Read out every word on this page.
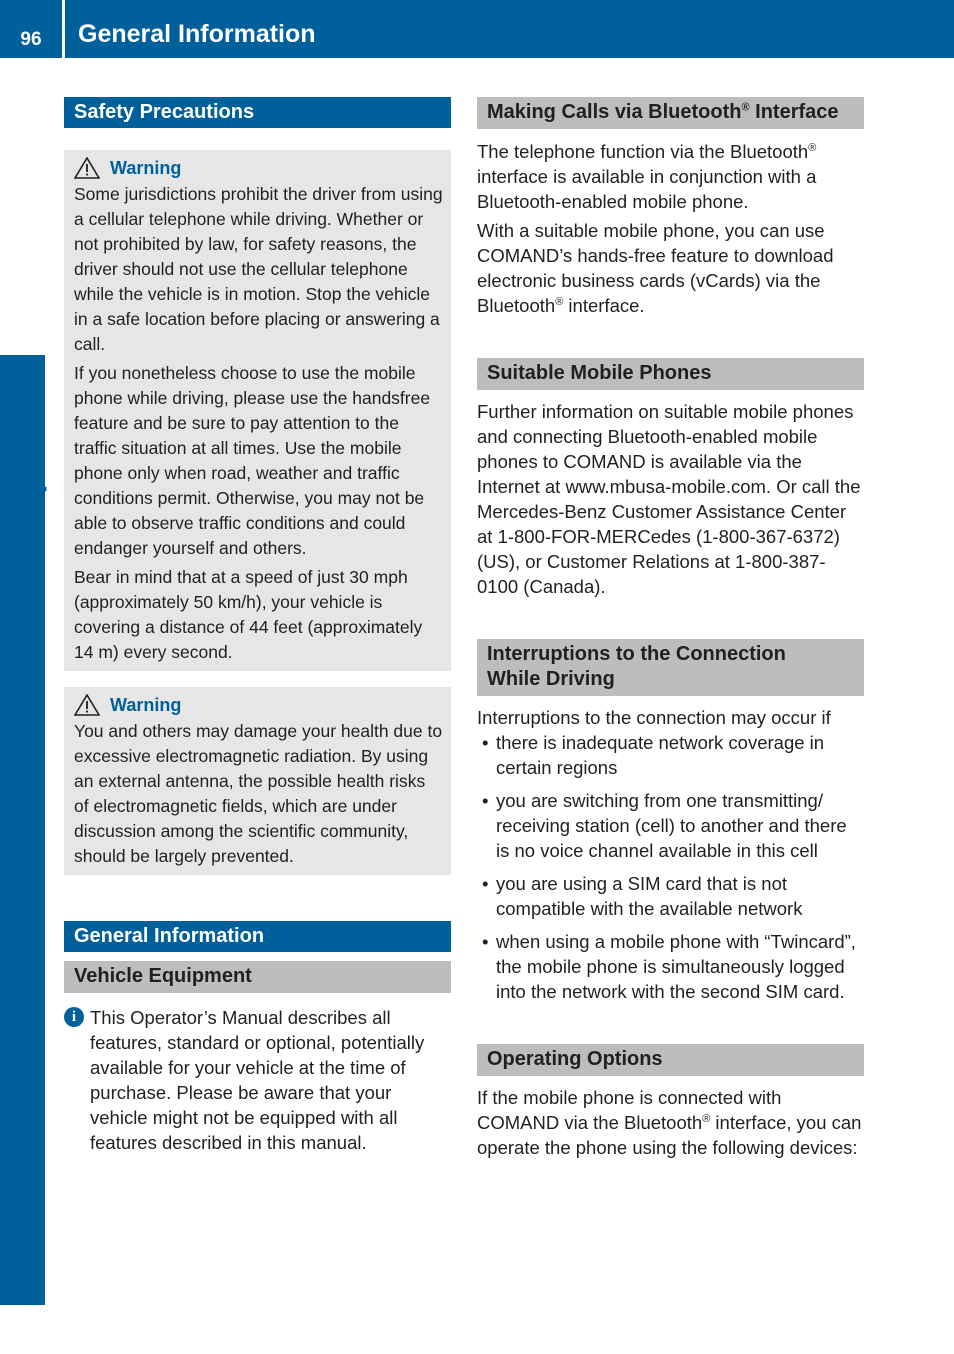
96	General Information
Telephone
Safety Precautions
Warning

Some jurisdictions prohibit the driver from using a cellular telephone while driving. Whether or not prohibited by law, for safety reasons, the driver should not use the cellular telephone while the vehicle is in motion. Stop the vehicle in a safe location before placing or answering a call.

If you nonetheless choose to use the mobile phone while driving, please use the handsfree feature and be sure to pay attention to the traffic situation at all times. Use the mobile phone only when road, weather and traffic conditions permit. Otherwise, you may not be able to observe traffic conditions and could endanger yourself and others.

Bear in mind that at a speed of just 30 mph (approximately 50 km/h), your vehicle is covering a distance of 44 feet (approximately 14 m) every second.

Warning

You and others may damage your health due to excessive electromagnetic radiation. By using an external antenna, the possible health risks of electromagnetic fields, which are under discussion among the scientific community, should be largely prevented.

General Information
Vehicle Equipment
i This Operator’s Manual describes all features, standard or optional, potentially available for your vehicle at the time of purchase. Please be aware that your vehicle might not be equipped with all features described in this manual.
Making Calls via Bluetooth® Interface

The telephone function via the Bluetooth® interface is available in conjunction with a Bluetooth-enabled mobile phone.

With a suitable mobile phone, you can use COMAND’s hands-free feature to download electronic business cards (vCards) via the Bluetooth® interface.

Suitable Mobile Phones

Further information on suitable mobile phones and connecting Bluetooth-enabled mobile phones to COMAND is available via the Internet at www.mbusa-mobile.com. Or call the Mercedes-Benz Customer Assistance Center at 1-800-FOR-MERCedes (1-800-367-6372) (US), or Customer Relations at 1-800-387-0100 (Canada).

Interruptions to the Connection While Driving

Interruptions to the connection may occur if

• there is inadequate network coverage in certain regions
• you are switching from one transmitting/ receiving station (cell) to another and there is no voice channel available in this cell
• you are using a SIM card that is not compatible with the available network
• when using a mobile phone with “Twincard”, the mobile phone is simultaneously logged into the network with the second SIM card.
Operating Options

If the mobile phone is connected with COMAND via the Bluetooth® interface, you can operate the phone using the following devices:
